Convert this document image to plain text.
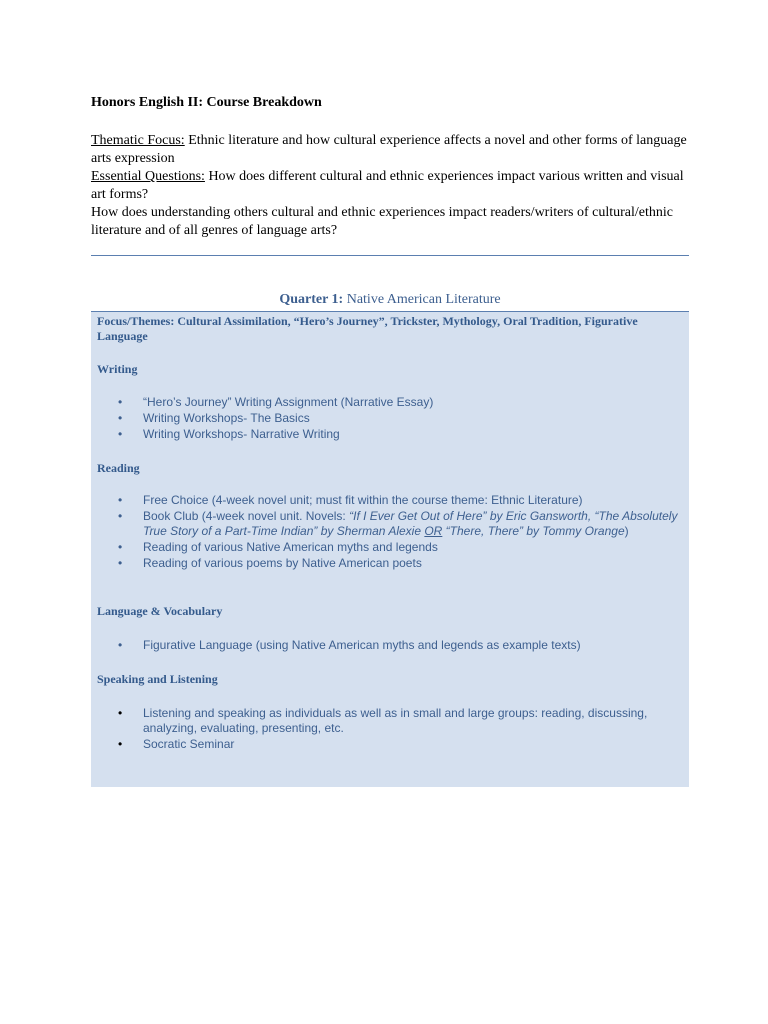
Honors English II: Course Breakdown

Thematic Focus: Ethnic literature and how cultural experience affects a novel and other forms of language arts expression

Essential Questions: How does different cultural and ethnic experiences impact various written and visual art forms?

How does understanding others cultural and ethnic experiences impact readers/writers of cultural/ethnic literature and of all genres of language arts?

Quarter 1: Native American Literature
Focus/Themes: Cultural Assimilation, “Hero’s Journey”, Trickster, Mythology, Oral Tradition, Figurative Language
Writing
•	“Hero’s Journey” Writing Assignment (Narrative Essay)
•	Writing Workshops- The Basics
•	Writing Workshops- Narrative Writing
Reading
•	Free Choice (4-week novel unit; must fit within the course theme: Ethnic Literature)
•	Book Club (4-week novel unit. Novels: “If I Ever Get Out of Here” by Eric Gansworth, “The Absolutely True Story of a Part-Time Indian” by Sherman Alexie OR “There, There” by Tommy Orange)
•	Reading of various Native American myths and legends
•	Reading of various poems by Native American poets
Language & Vocabulary
•	Figurative Language (using Native American myths and legends as example texts)
Speaking and Listening
•	Listening and speaking as individuals as well as in small and large groups: reading, discussing, analyzing, evaluating, presenting, etc.
•	Socratic Seminar
